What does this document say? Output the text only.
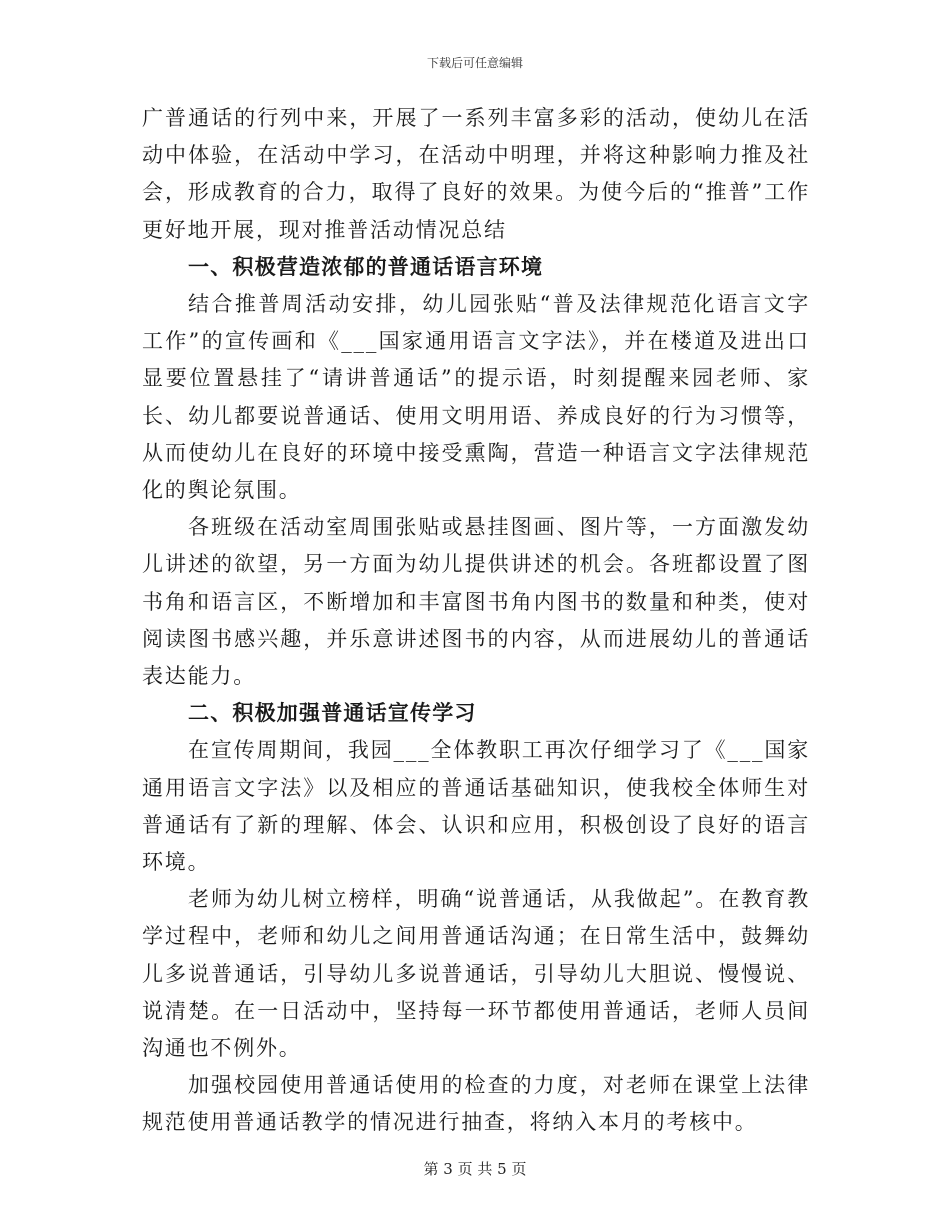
下载后可任意编辑

广普通话的行列中来，开展了一系列丰富多彩的活动，使幼儿在活动中体验，在活动中学习，在活动中明理，并将这种影响力推及社会，形成教育的合力，取得了良好的效果。为使今后的“推普”工作更好地开展，现对推普活动情况总结

一、积极营造浓郁的普通话语言环境

结合推普周活动安排，幼儿园张贴“普及法律规范化语言文字工作”的宣传画和《___国家通用语言文字法》，并在楼道及进出口显要位置悬挂了“请讲普通话”的提示语，时刻提醒来园老师、家长、幼儿都要说普通话、使用文明用语、养成良好的行为习惯等，从而使幼儿在良好的环境中接受熏陶，营造一种语言文字法律规范化的舆论氛围。

各班级在活动室周围张贴或悬挂图画、图片等，一方面激发幼儿讲述的欲望，另一方面为幼儿提供讲述的机会。各班都设置了图书角和语言区，不断增加和丰富图书角内图书的数量和种类，使对阅读图书感兴趣，并乐意讲述图书的内容，从而进展幼儿的普通话表达能力。

二、积极加强普通话宣传学习

在宣传周期间，我园___全体教职工再次仔细学习了《___国家通用语言文字法》以及相应的普通话基础知识，使我校全体师生对普通话有了新的理解、体会、认识和应用，积极创设了良好的语言环境。

老师为幼儿树立榜样，明确“说普通话，从我做起”。在教育教学过程中，老师和幼儿之间用普通话沟通；在日常生活中，鼓舞幼儿多说普通话，引导幼儿多说普通话，引导幼儿大胆说、慢慢说、说清楚。在一日活动中，坚持每一环节都使用普通话，老师人员间沟通也不例外。

加强校园使用普通话使用的检查的力度，对老师在课堂上法律规范使用普通话教学的情况进行抽查，将纳入本月的考核中。

第 3 页 共 5 页
